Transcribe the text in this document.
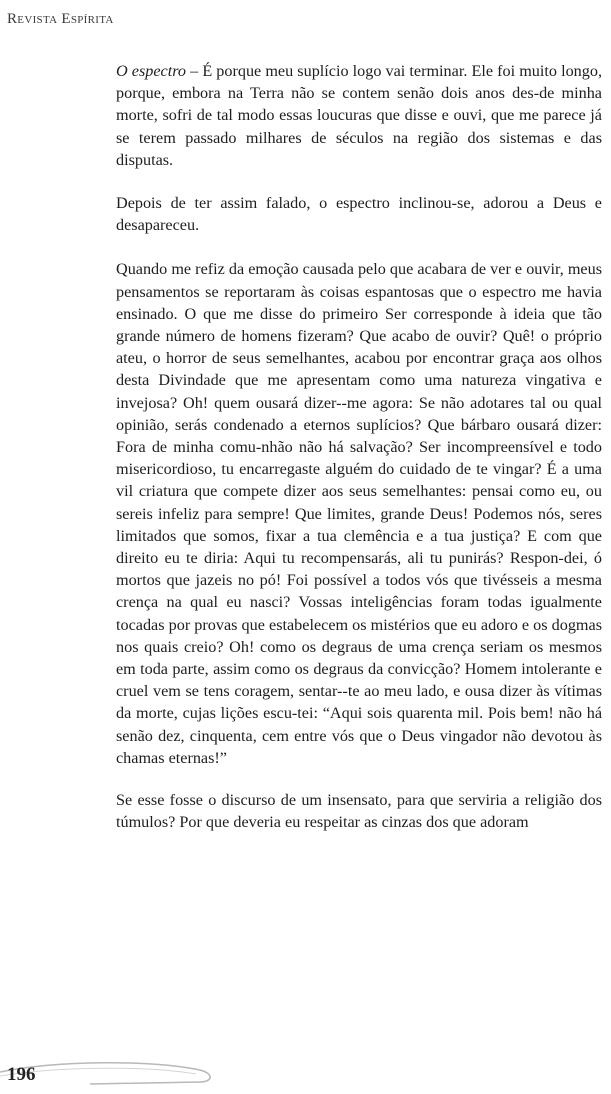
Revista Espírita

O espectro – É porque meu suplício logo vai terminar. Ele foi muito longo, porque, embora na Terra não se contem senão dois anos des-de minha morte, sofri de tal modo essas loucuras que disse e ouvi, que me parece já se terem passado milhares de séculos na região dos sistemas e das disputas.

Depois de ter assim falado, o espectro inclinou-se, adorou a Deus e desapareceu.

Quando me refiz da emoção causada pelo que acabara de ver e ouvir, meus pensamentos se reportaram às coisas espantosas que o espectro me havia ensinado. O que me disse do primeiro Ser corresponde à ideia que tão grande número de homens fizeram? Que acabo de ouvir? Quê! o próprio ateu, o horror de seus semelhantes, acabou por encontrar graça aos olhos desta Divindade que me apresentam como uma natureza vingativa e invejosa? Oh! quem ousará dizer--me agora: Se não adotares tal ou qual opinião, serás condenado a eternos suplícios? Que bárbaro ousará dizer: Fora de minha comu-nhão não há salvação? Ser incompreensível e todo misericordioso, tu encarregaste alguém do cuidado de te vingar? É a uma vil criatura que compete dizer aos seus semelhantes: pensai como eu, ou sereis infeliz para sempre! Que limites, grande Deus! Podemos nós, seres limitados que somos, fixar a tua clemência e a tua justiça? E com que direito eu te diria: Aqui tu recompensarás, ali tu punirás? Respon-dei, ó mortos que jazeis no pó! Foi possível a todos vós que tivésseis a mesma crença na qual eu nasci? Vossas inteligências foram todas igualmente tocadas por provas que estabelecem os mistérios que eu adoro e os dogmas nos quais creio? Oh! como os degraus de uma crença seriam os mesmos em toda parte, assim como os degraus da convicção? Homem intolerante e cruel vem se tens coragem, sentar--te ao meu lado, e ousa dizer às vítimas da morte, cujas lições escu-tei: “Aqui sois quarenta mil. Pois bem! não há senão dez, cinquenta, cem entre vós que o Deus vingador não devotou às chamas eternas!”

Se esse fosse o discurso de um insensato, para que serviria a religião dos túmulos? Por que deveria eu respeitar as cinzas dos que adoram

196
